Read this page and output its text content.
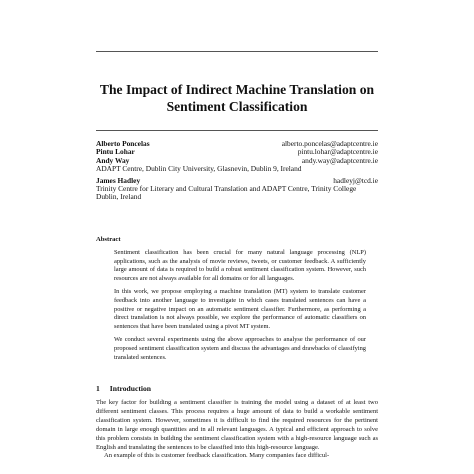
The Impact of Indirect Machine Translation on
Sentiment Classification
Alberto Poncelas	alberto.poncelas@adaptcentre.ie
Pintu Lohar	pintu.lohar@adaptcentre.ie
Andy Way	andy.way@adaptcentre.ie
ADAPT Centre, Dublin City University, Glasnevin, Dublin 9, Ireland
James Hadley	hadleyj@tcd.ie
Trinity Centre for Literary and Cultural Translation and ADAPT Centre, Trinity College Dublin, Ireland
Abstract

Sentiment classification has been crucial for many natural language processing (NLP) applications, such as the analysis of movie reviews, tweets, or customer feedback. A sufficiently large amount of data is required to build a robust sentiment classification system. However, such resources are not always available for all domains or for all languages.

In this work, we propose employing a machine translation (MT) system to translate customer feedback into another language to investigate in which cases translated sentences can have a positive or negative impact on an automatic sentiment classifier. Furthermore, as performing a direct translation is not always possible, we explore the performance of automatic classifiers on sentences that have been translated using a pivot MT system.

We conduct several experiments using the above approaches to analyse the performance of our proposed sentiment classification system and discuss the advantages and drawbacks of classifying translated sentences.

1 Introduction

The key factor for building a sentiment classifier is training the model using a dataset of at least two different sentiment classes. This process requires a huge amount of data to build a workable sentiment classification system. However, sometimes it is difficult to find the required resources for the pertinent domain in large enough quantities and in all relevant languages. A typical and efficient approach to solve this problem consists in building the sentiment classification system with a high-resource language such as English and translating the sentences to be classified into this high-resource language.

An example of this is customer feedback classification. Many companies face difficul-
